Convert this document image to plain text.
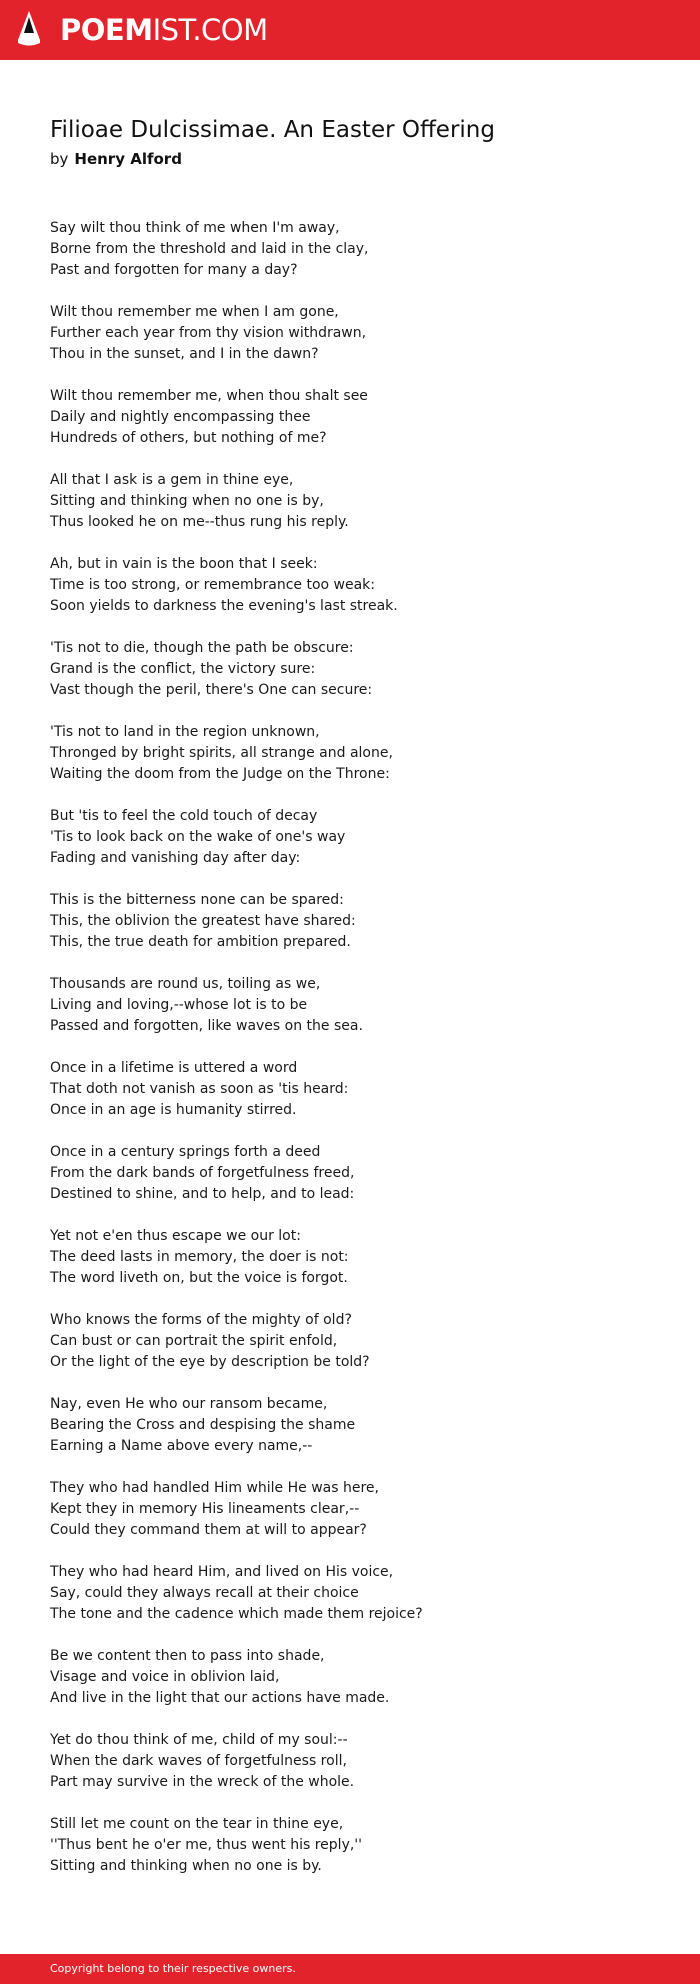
POEMIST.COM
Filioae Dulcissimae. An Easter Offering
by Henry Alford
Say wilt thou think of me when I'm away,
Borne from the threshold and laid in the clay,
Past and forgotten for many a day?
Wilt thou remember me when I am gone,
Further each year from thy vision withdrawn,
Thou in the sunset, and I in the dawn?
Wilt thou remember me, when thou shalt see
Daily and nightly encompassing thee
Hundreds of others, but nothing of me?
All that I ask is a gem in thine eye,
Sitting and thinking when no one is by,
Thus looked he on me--thus rung his reply.
Ah, but in vain is the boon that I seek:
Time is too strong, or remembrance too weak:
Soon yields to darkness the evening's last streak.
'Tis not to die, though the path be obscure:
Grand is the conflict, the victory sure:
Vast though the peril, there's One can secure:
'Tis not to land in the region unknown,
Thronged by bright spirits, all strange and alone,
Waiting the doom from the Judge on the Throne:
But 'tis to feel the cold touch of decay
'Tis to look back on the wake of one's way
Fading and vanishing day after day:
This is the bitterness none can be spared:
This, the oblivion the greatest have shared:
This, the true death for ambition prepared.
Thousands are round us, toiling as we,
Living and loving,--whose lot is to be
Passed and forgotten, like waves on the sea.
Once in a lifetime is uttered a word
That doth not vanish as soon as 'tis heard:
Once in an age is humanity stirred.
Once in a century springs forth a deed
From the dark bands of forgetfulness freed,
Destined to shine, and to help, and to lead:
Yet not e'en thus escape we our lot:
The deed lasts in memory, the doer is not:
The word liveth on, but the voice is forgot.
Who knows the forms of the mighty of old?
Can bust or can portrait the spirit enfold,
Or the light of the eye by description be told?
Nay, even He who our ransom became,
Bearing the Cross and despising the shame
Earning a Name above every name,--
They who had handled Him while He was here,
Kept they in memory His lineaments clear,--
Could they command them at will to appear?
They who had heard Him, and lived on His voice,
Say, could they always recall at their choice
The tone and the cadence which made them rejoice?
Be we content then to pass into shade,
Visage and voice in oblivion laid,
And live in the light that our actions have made.
Yet do thou think of me, child of my soul:--
When the dark waves of forgetfulness roll,
Part may survive in the wreck of the whole.
Still let me count on the tear in thine eye,
''Thus bent he o'er me, thus went his reply,''
Sitting and thinking when no one is by.
Copyright belong to their respective owners.
